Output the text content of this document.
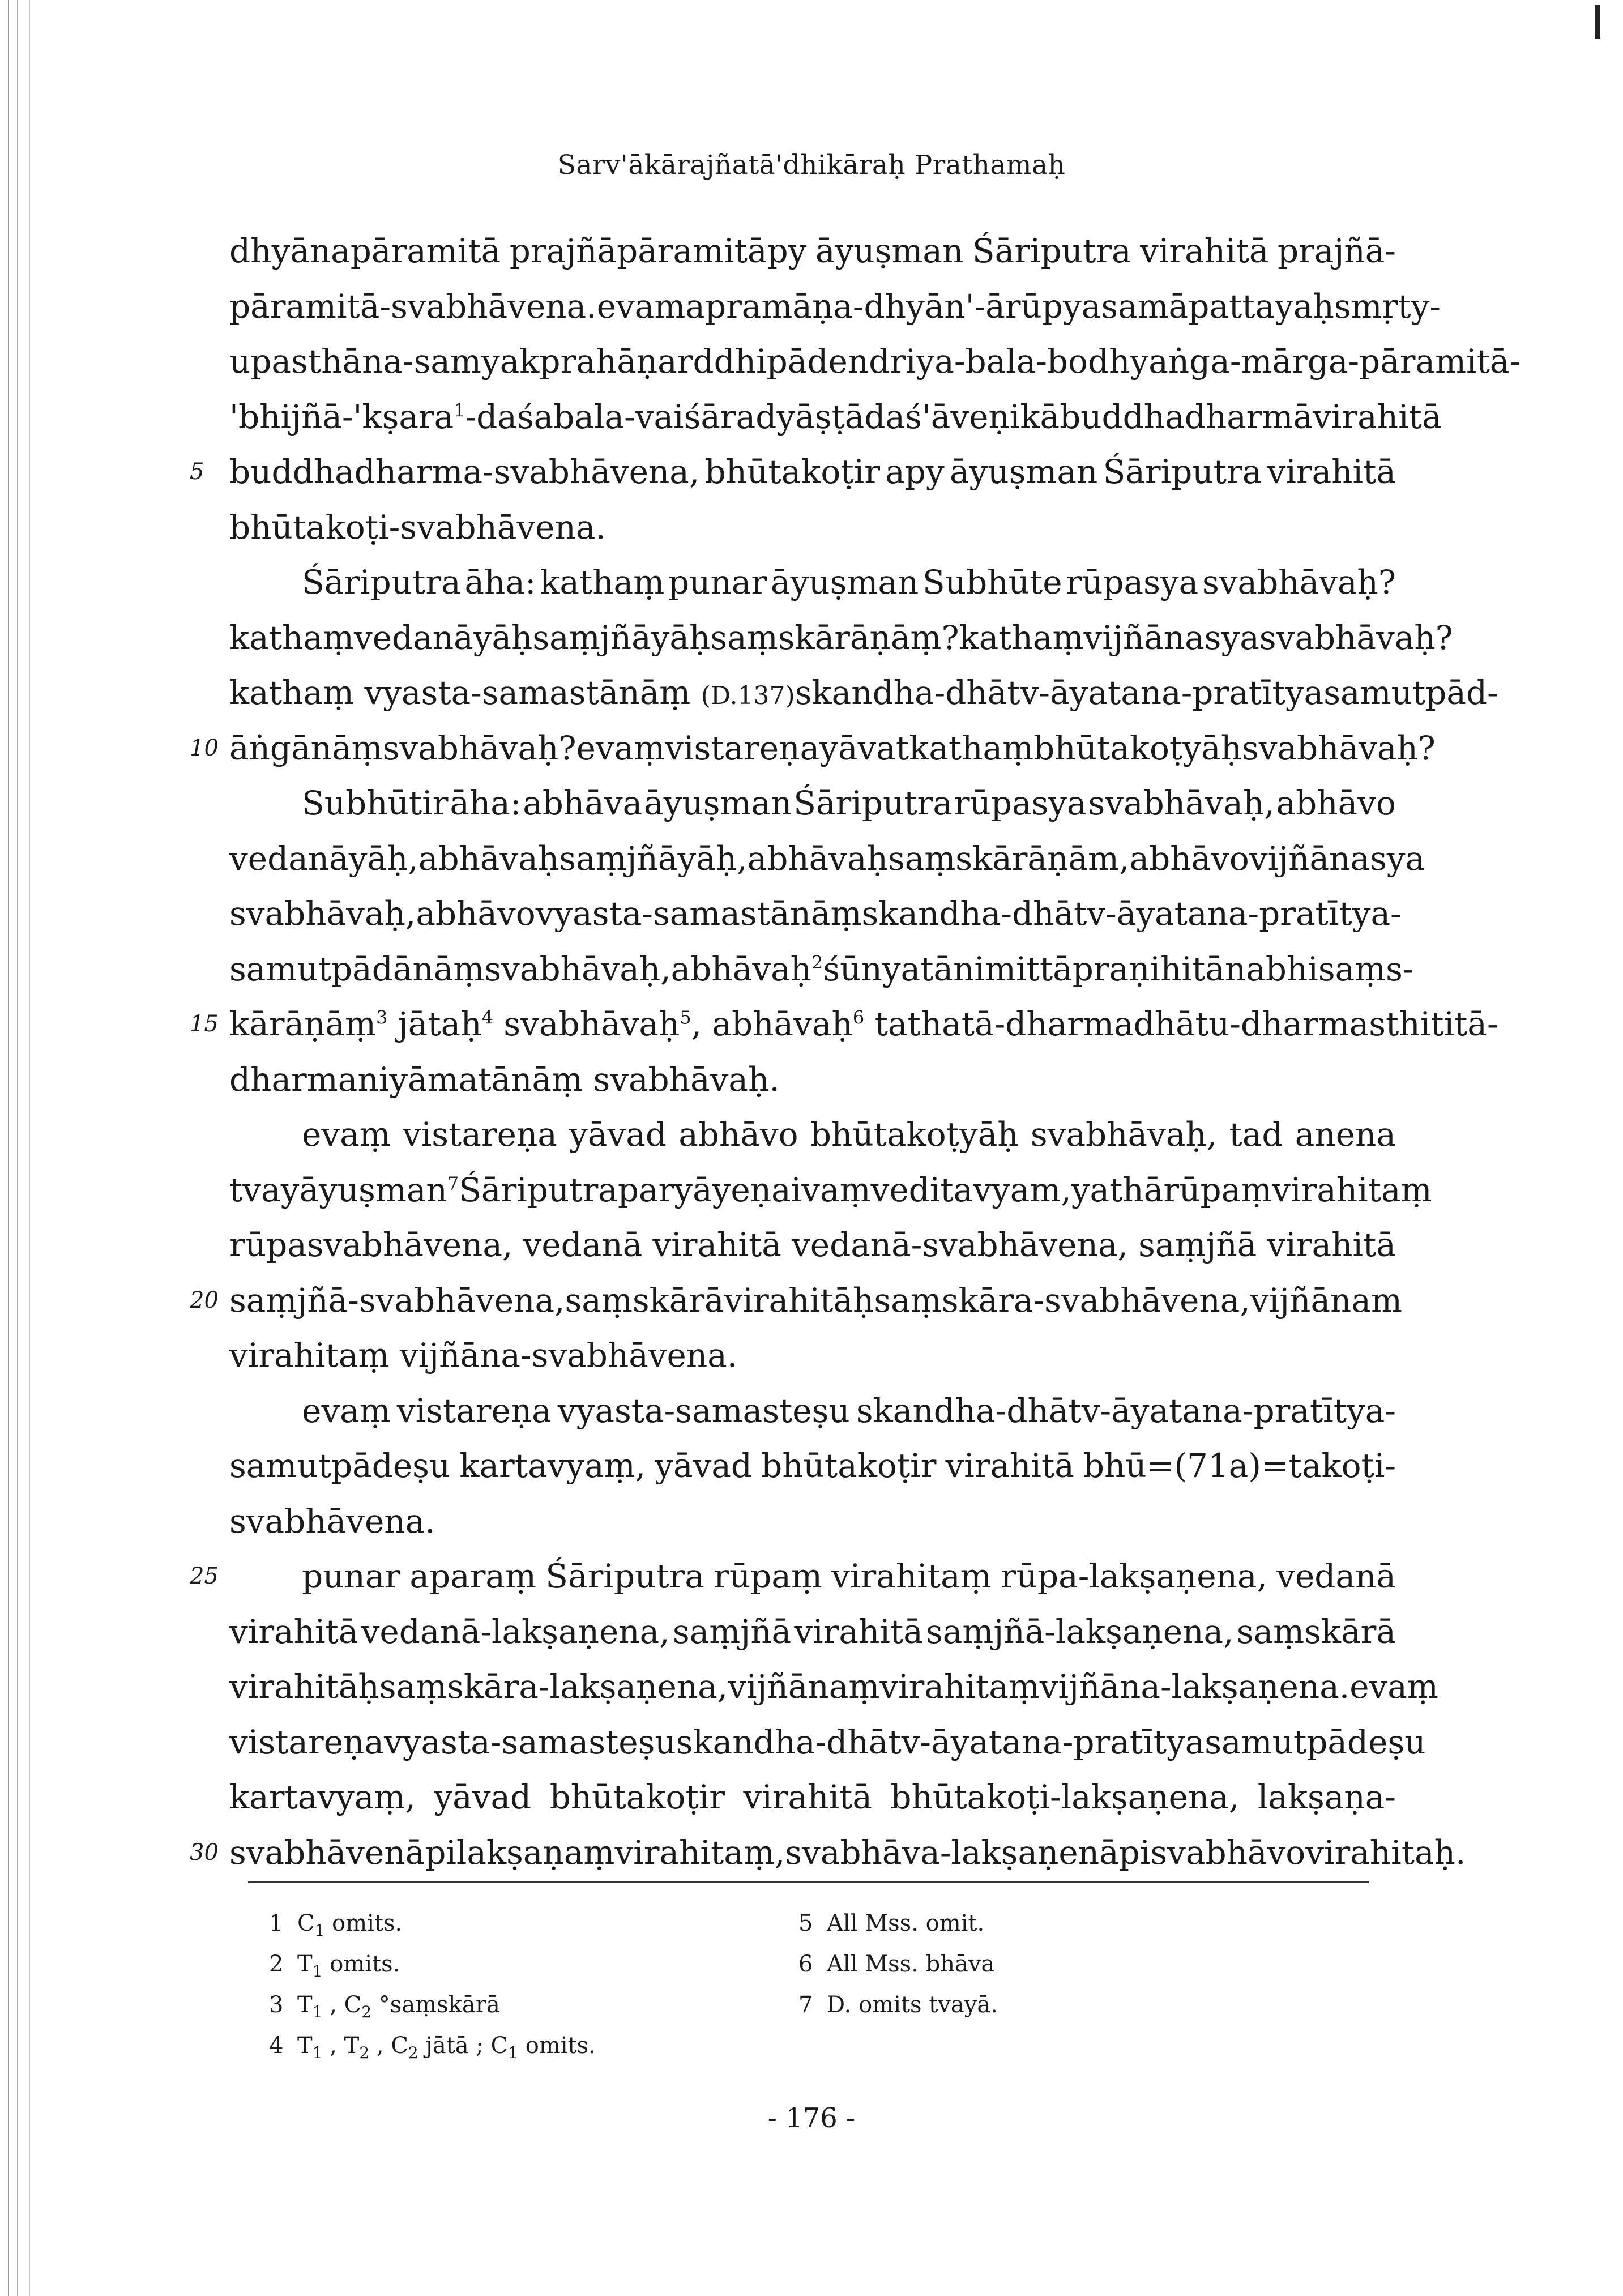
Sarv'ākārajñatā'dhikāraḥ Prathamaḥ
dhyānapāramitā prajñāpāramitāpy āyuṣman Śāriputra virahitā prajñā-
pāramitā-svabhāvena. evam apramāṇa-dhyān'-ārūpyasamāpattayaḥ smṛty-
upasthāna-samyakprahāṇarddhipādendriya-bala-bodhyaṅga-mārga-pāramitā-
'bhijñā-'kṣara$^1$-daśabala-vaiśāradyāṣṭādaś'āveṇikā buddhadharmā virahitā
5 buddhadharma-svabhāvena, bhūtakoṭir apy āyuṣman Śāriputra virahitā
bhūtakoṭi-svabhāvena.
Śāriputra āha: kathaṃ punar āyuṣman Subhūte rūpasya svabhāvaḥ?
kathaṃ vedanāyāḥ saṃjñāyāḥ saṃskārāṇāṃ? kathaṃ vijñānasya svabhāvaḥ?
kathaṃ vyasta-samastānāṃ (D.137) skandha-dhātv-āyatana-pratītyasamutpād-
10 āṅgānāṃ svabhāvaḥ? evaṃ vistareṇa yāvat kathaṃ bhūtakoṭyāḥ svabhāvaḥ?
Subhūtir āha: abhāva āyuṣman Śāriputra rūpasya svabhāvaḥ, abhāvo
vedanāyāḥ, abhāvaḥ saṃjñāyāḥ, abhāvaḥ saṃskārāṇām, abhāvo vijñānasya
svabhāvaḥ, abhāvo vyasta-samastānāṃ skandha-dhātv-āyatana-pratītya-
samutpādānāṃ svabhāvaḥ, abhāvaḥ$^2$ śūnyatānimittāpraṇihitānabhisaṃs-
15 kārāṇāṃ$^3$ jātaḥ$^4$ svabhāvaḥ$^5$, abhāvaḥ$^6$ tathatā-dharmadhātu-dharmasthititā-
dharmaniyāmatānāṃ svabhāvaḥ.
evaṃ vistareṇa yāvad abhāvo bhūtakoṭyāḥ svabhāvaḥ, tad anena
tvayāyuṣman$^7$ Śāriputra paryāyeṇaivaṃ veditavyam, yathā rūpaṃ virahitaṃ
rūpasvabhāvena, vedanā virahitā vedanā-svabhāvena, saṃjñā virahitā
20 saṃjñā-svabhāvena, saṃskārā virahitāḥ saṃskāra-svabhāvena, vijñānam
virahitaṃ vijñāna-svabhāvena.
evaṃ vistareṇa vyasta-samasteṣu skandha-dhātv-āyatana-pratītya-
samutpādeṣu kartavyaṃ, yāvad bhūtakoṭir virahitā bhū=(71a)=takoṭi-
svabhāvena.
25	punar aparaṃ Śāriputra rūpaṃ virahitaṃ rūpa-lakṣaṇena, vedanā
virahitā vedanā-lakṣaṇena, saṃjñā virahitā saṃjñā-lakṣaṇena, saṃskārā
virahitāḥ saṃskāra-lakṣaṇena, vijñānaṃ virahitaṃ vijñāna-lakṣaṇena. evaṃ
vistareṇa vyasta-samasteṣu skandha-dhātv-āyatana-pratītyasamutpādeṣu
kartavyaṃ, yāvad bhūtakoṭir virahitā bhūtakoṭi-lakṣaṇena, lakṣaṇa-
30 svabhāvenāpi lakṣaṇaṃ virahitaṃ, svabhāva-lakṣaṇenāpi svabhāvo virahitaḥ.
1 $C_1$ omits.
2 $T_1$ omits.
3 $T_1$ , $C_2$ °saṃskārā
4 $T_1$ , $T_2$ , $C_2$ jātā ; $C_1$ omits.
5 All Mss. omit.
6 All Mss. bhāva
7 D. omits tvayā.
- 176 -
